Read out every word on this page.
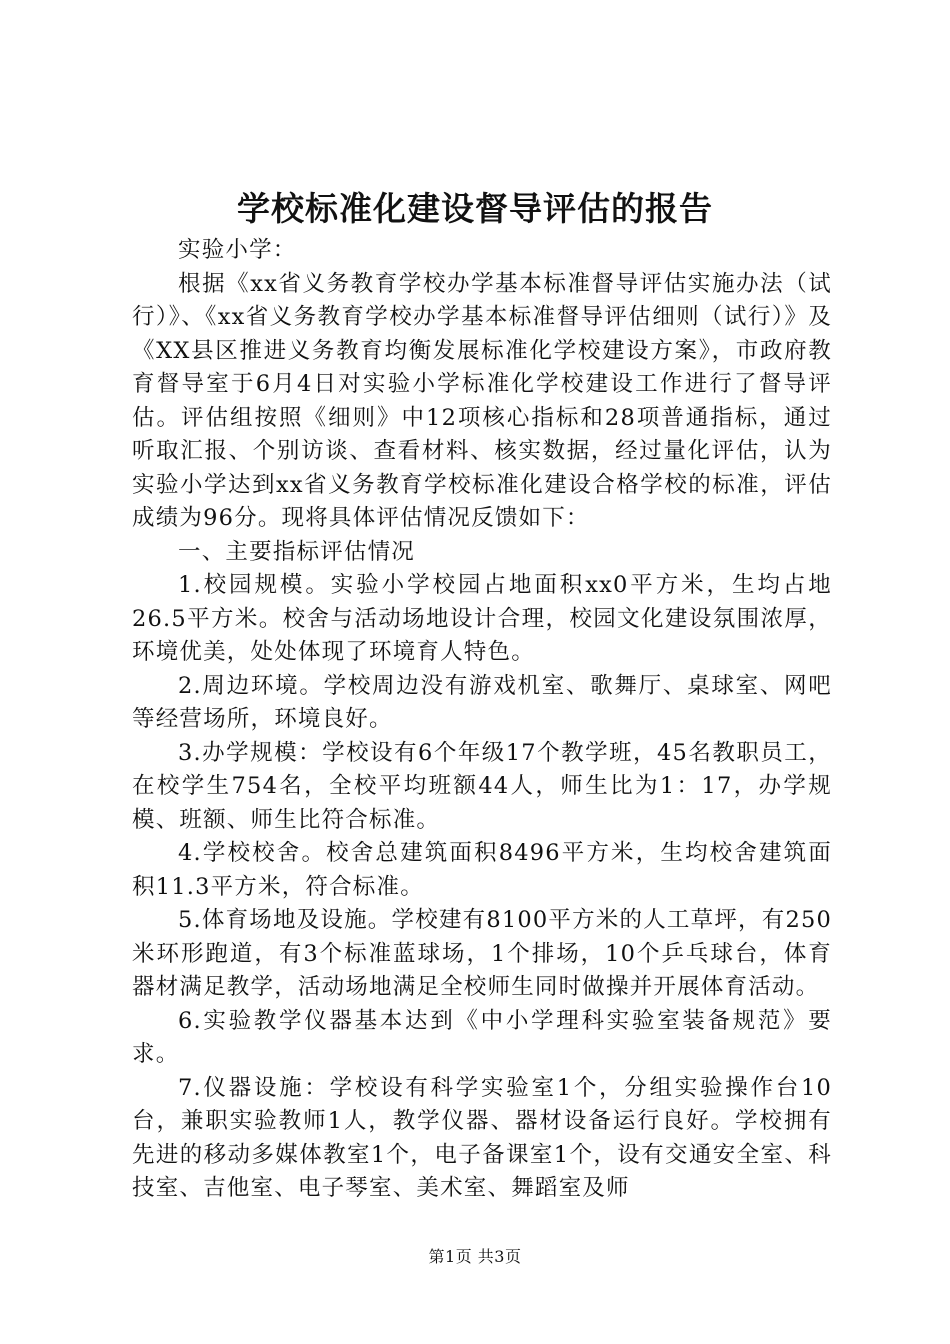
学校标准化建设督导评估的报告

实验小学：

根据《xx省义务教育学校办学基本标准督导评估实施办法（试行）》、《xx省义务教育学校办学基本标准督导评估细则（试行）》及《XX县区推进义务教育均衡发展标准化学校建设方案》，市政府教育督导室于6月4日对实验小学标准化学校建设工作进行了督导评估。评估组按照《细则》中12项核心指标和28项普通指标，通过听取汇报、个别访谈、查看材料、核实数据，经过量化评估，认为实验小学达到xx省义务教育学校标准化建设合格学校的标准，评估成绩为96分。现将具体评估情况反馈如下：

一、主要指标评估情况

1.校园规模。实验小学校园占地面积xx0平方米，生均占地26.5平方米。校舍与活动场地设计合理，校园文化建设氛围浓厚，环境优美，处处体现了环境育人特色。

2.周边环境。学校周边没有游戏机室、歌舞厅、桌球室、网吧等经营场所，环境良好。

3.办学规模：学校设有6个年级17个教学班，45名教职员工，在校学生754名，全校平均班额44人，师生比为1：17，办学规模、班额、师生比符合标准。

4.学校校舍。校舍总建筑面积8496平方米，生均校舍建筑面积11.3平方米，符合标准。

5.体育场地及设施。学校建有8100平方米的人工草坪，有250米环形跑道，有3个标准蓝球场，1个排场，10个乒乓球台，体育器材满足教学，活动场地满足全校师生同时做操并开展体育活动。

6.实验教学仪器基本达到《中小学理科实验室装备规范》要求。

7.仪器设施：学校设有科学实验室1个，分组实验操作台10台，兼职实验教师1人，教学仪器、器材设备运行良好。学校拥有先进的移动多媒体教室1个，电子备课室1个，设有交通安全室、科技室、吉他室、电子琴室、美术室、舞蹈室及师

第1页 共3页
